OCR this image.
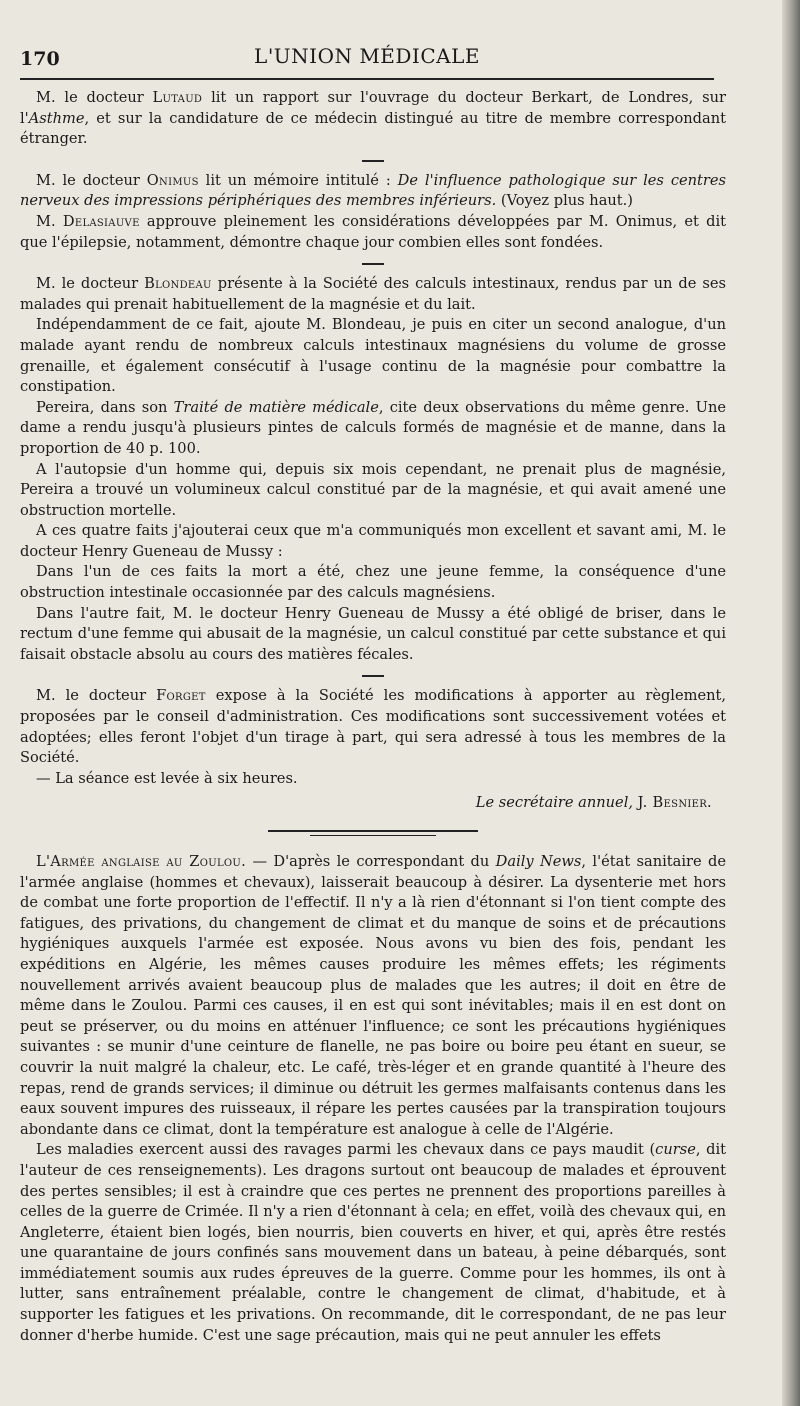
170	L'UNION MÉDICALE

M. le docteur Lutaud lit un rapport sur l'ouvrage du docteur Berkart, de Londres, sur l'Asthme, et sur la candidature de ce médecin distingué au titre de membre correspondant étranger.

M. le docteur Onimus lit un mémoire intitulé : De l'influence pathologique sur les centres nerveux des impressions périphériques des membres inférieurs. (Voyez plus haut.)

M. Delasiauve approuve pleinement les considérations développées par M. Onimus, et dit que l'épilepsie, notamment, démontre chaque jour combien elles sont fondées.

M. le docteur Blondeau présente à la Société des calculs intestinaux, rendus par un de ses malades qui prenait habituellement de la magnésie et du lait.

Indépendamment de ce fait, ajoute M. Blondeau, je puis en citer un second analogue, d'un malade ayant rendu de nombreux calculs intestinaux magnésiens du volume de grosse grenaille, et également consécutif à l'usage continu de la magnésie pour combattre la constipation.

Pereira, dans son Traité de matière médicale, cite deux observations du même genre. Une dame a rendu jusqu'à plusieurs pintes de calculs formés de magnésie et de manne, dans la proportion de 40 p. 100.

A l'autopsie d'un homme qui, depuis six mois cependant, ne prenait plus de magnésie, Pereira a trouvé un volumineux calcul constitué par de la magnésie, et qui avait amené une obstruction mortelle.

A ces quatre faits j'ajouterai ceux que m'a communiqués mon excellent et savant ami, M. le docteur Henry Gueneau de Mussy :

Dans l'un de ces faits la mort a été, chez une jeune femme, la conséquence d'une obstruction intestinale occasionnée par des calculs magnésiens.

Dans l'autre fait, M. le docteur Henry Gueneau de Mussy a été obligé de briser, dans le rectum d'une femme qui abusait de la magnésie, un calcul constitué par cette substance et qui faisait obstacle absolu au cours des matières fécales.

M. le docteur Forget expose à la Société les modifications à apporter au règlement, proposées par le conseil d'administration. Ces modifications sont successivement votées et adoptées; elles feront l'objet d'un tirage à part, qui sera adressé à tous les membres de la Société.

— La séance est levée à six heures.

Le secrétaire annuel, J. Besnier.

L'Armée anglaise au Zoulou. — D'après le correspondant du Daily News, l'état sanitaire de l'armée anglaise (hommes et chevaux), laisserait beaucoup à désirer. La dysenterie met hors de combat une forte proportion de l'effectif. Il n'y a là rien d'étonnant si l'on tient compte des fatigues, des privations, du changement de climat et du manque de soins et de précautions hygiéniques auxquels l'armée est exposée. Nous avons vu bien des fois, pendant les expéditions en Algérie, les mêmes causes produire les mêmes effets; les régiments nouvellement arrivés avaient beaucoup plus de malades que les autres; il doit en être de même dans le Zoulou. Parmi ces causes, il en est qui sont inévitables; mais il en est dont on peut se préserver, ou du moins en atténuer l'influence; ce sont les précautions hygiéniques suivantes : se munir d'une ceinture de flanelle, ne pas boire ou boire peu étant en sueur, se couvrir la nuit malgré la chaleur, etc. Le café, très-léger et en grande quantité à l'heure des repas, rend de grands services; il diminue ou détruit les germes malfaisants contenus dans les eaux souvent impures des ruisseaux, il répare les pertes causées par la transpiration toujours abondante dans ce climat, dont la température est analogue à celle de l'Algérie.

Les maladies exercent aussi des ravages parmi les chevaux dans ce pays maudit (curse, dit l'auteur de ces renseignements). Les dragons surtout ont beaucoup de malades et éprouvent des pertes sensibles; il est à craindre que ces pertes ne prennent des proportions pareilles à celles de la guerre de Crimée. Il n'y a rien d'étonnant à cela; en effet, voilà des chevaux qui, en Angleterre, étaient bien logés, bien nourris, bien couverts en hiver, et qui, après être restés une quarantaine de jours confinés sans mouvement dans un bateau, à peine débarqués, sont immédiatement soumis aux rudes épreuves de la guerre. Comme pour les hommes, ils ont à lutter, sans entraînement préalable, contre le changement de climat, d'habitude, et à supporter les fatigues et les privations. On recommande, dit le correspondant, de ne pas leur donner d'herbe humide. C'est une sage précaution, mais qui ne peut annuler les effets
